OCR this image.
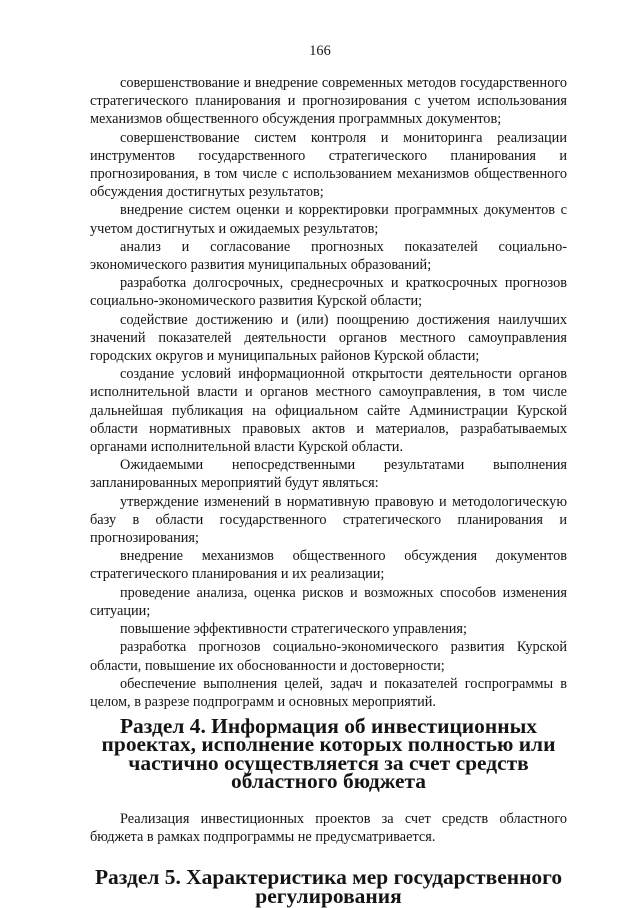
166

совершенствование и внедрение современных методов государственного стратегического планирования и прогнозирования с учетом использования механизмов общественного обсуждения программных документов;

совершенствование систем контроля и мониторинга реализации инструментов государственного стратегического планирования и прогнозирования, в том числе с использованием механизмов общественного обсуждения достигнутых результатов;

внедрение систем оценки и корректировки программных документов с учетом достигнутых и ожидаемых результатов;

анализ и согласование прогнозных показателей социально-экономического развития муниципальных образований;

разработка долгосрочных, среднесрочных и краткосрочных прогнозов социально-экономического развития Курской области;

содействие достижению и (или) поощрению достижения наилучших значений показателей деятельности органов местного самоуправления городских округов и муниципальных районов Курской области;

создание условий информационной открытости деятельности органов исполнительной власти и органов местного самоуправления, в том числе дальнейшая публикация на официальном сайте Администрации Курской области нормативных правовых актов и материалов, разрабатываемых органами исполнительной власти Курской области.

Ожидаемыми непосредственными результатами выполнения запланированных мероприятий будут являться:

утверждение изменений в нормативную правовую и методологическую базу в области государственного стратегического планирования и прогнозирования;

внедрение механизмов общественного обсуждения документов стратегического планирования и их реализации;

проведение анализа, оценка рисков и возможных способов изменения ситуации;

повышение эффективности стратегического управления;

разработка прогнозов социально-экономического развития Курской области, повышение их обоснованности и достоверности;

обеспечение выполнения целей, задач и показателей госпрограммы в целом, в разрезе подпрограмм и основных мероприятий.

Раздел 4. Информация об инвестиционных проектах, исполнение которых полностью или частично осуществляется за счет средств областного бюджета

Реализация инвестиционных проектов за счет средств областного бюджета в рамках подпрограммы не предусматривается.

Раздел 5. Характеристика мер государственного регулирования
